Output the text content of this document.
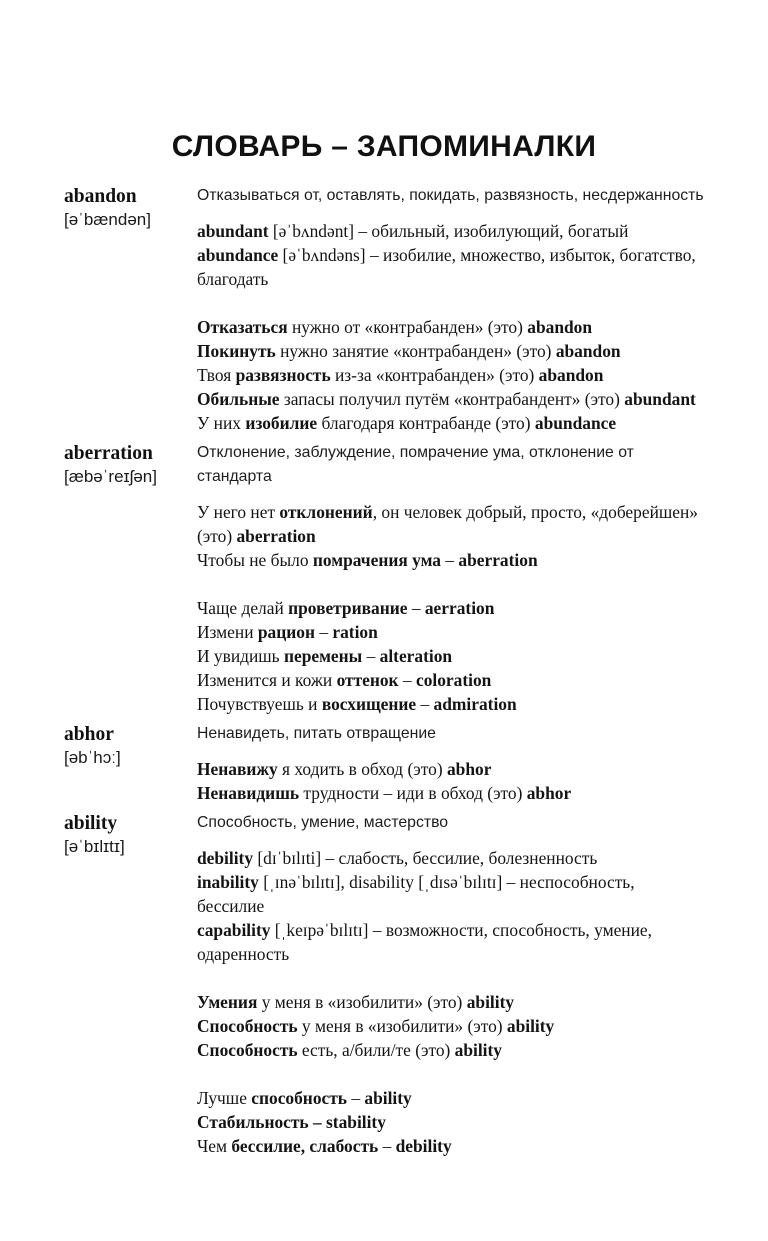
СЛОВАРЬ – ЗАПОМИНАЛКИ
abandon
[əˈbændən]

Отказываться от, оставлять, покидать, развязность, несдержанность

abundant [əˈbʌndənt] – обильный, изобилующий, богатый

abundance [əˈbʌndəns] – изобилие, множество, избыток, богатство, благодать

Отказаться нужно от «контрабанден» (это) abandon

Покинуть нужно занятие «контрабанден» (это) abandon

Твоя развязность из-за «контрабанден» (это) abandon

Обильные запасы получил путём «контрабандент» (это) abundant

У них изобилие благодаря контрабанде (это) abundance

aberration
[æbəˈreɪʃən]

Отклонение, заблуждение, помрачение ума, отклонение от стандарта

У него нет отклонений, он человек добрый, просто, «доберейшен» (это) aberration

Чтобы не было помрачения ума – aberration

Чаще делай проветривание – aerration

Измени рацион – ration

И увидишь перемены – alteration

Изменится и кожи оттенок – coloration

Почувствуешь и восхищение – admiration

abhor
[əbˈhɔː]

Ненавидеть, питать отвращение

Ненавижу я ходить в обход (это) abhor

Ненавидишь трудности – иди в обход (это) abhor

ability
[əˈbɪlɪtɪ]

Способность, умение, мастерство

debility [dɪˈbɪlɪti] – слабость, бессилие, болезненность

inability [ˌɪnəˈbɪlɪtɪ], disability [ˌdɪsəˈbɪlɪtɪ] – неспособность, бессилие

capability [ˌkeɪpəˈbɪlɪtɪ] – возможности, способность, умение, одаренность

Умения у меня в «изобилити» (это) ability

Способность у меня в «изобилити» (это) ability

Способность есть, а/били/те (это) ability

Лучше способность – ability

Стабильность – stability

Чем бессилие, слабость – debility
